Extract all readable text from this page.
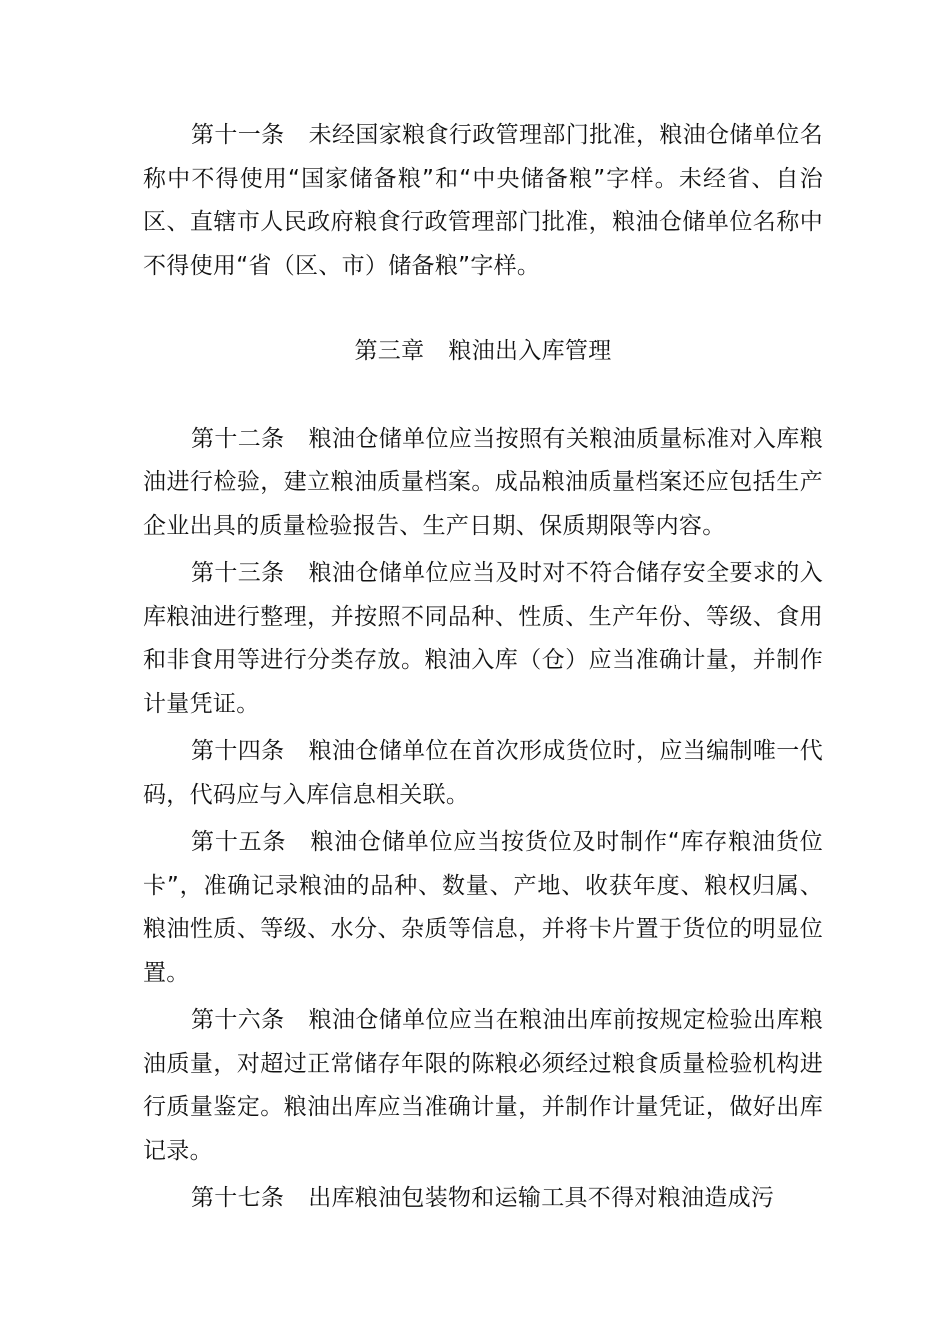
第十一条 未经国家粮食行政管理部门批准，粮油仓储单位名称中不得使用“国家储备粮”和“中央储备粮”字样。未经省、自治区、直辖市人民政府粮食行政管理部门批准，粮油仓储单位名称中不得使用“省（区、市）储备粮”字样。

第三章 粮油出入库管理

第十二条 粮油仓储单位应当按照有关粮油质量标准对入库粮油进行检验，建立粮油质量档案。成品粮油质量档案还应包括生产企业出具的质量检验报告、生产日期、保质期限等内容。

第十三条 粮油仓储单位应当及时对不符合储存安全要求的入库粮油进行整理，并按照不同品种、性质、生产年份、等级、食用和非食用等进行分类存放。粮油入库（仓）应当准确计量，并制作计量凭证。

第十四条 粮油仓储单位在首次形成货位时，应当编制唯一代码，代码应与入库信息相关联。

第十五条 粮油仓储单位应当按货位及时制作“库存粮油货位卡”，准确记录粮油的品种、数量、产地、收获年度、粮权归属、粮油性质、等级、水分、杂质等信息，并将卡片置于货位的明显位置。

第十六条 粮油仓储单位应当在粮油出库前按规定检验出库粮油质量，对超过正常储存年限的陈粮必须经过粮食质量检验机构进行质量鉴定。粮油出库应当准确计量，并制作计量凭证，做好出库记录。

第十七条 出库粮油包装物和运输工具不得对粮油造成污
